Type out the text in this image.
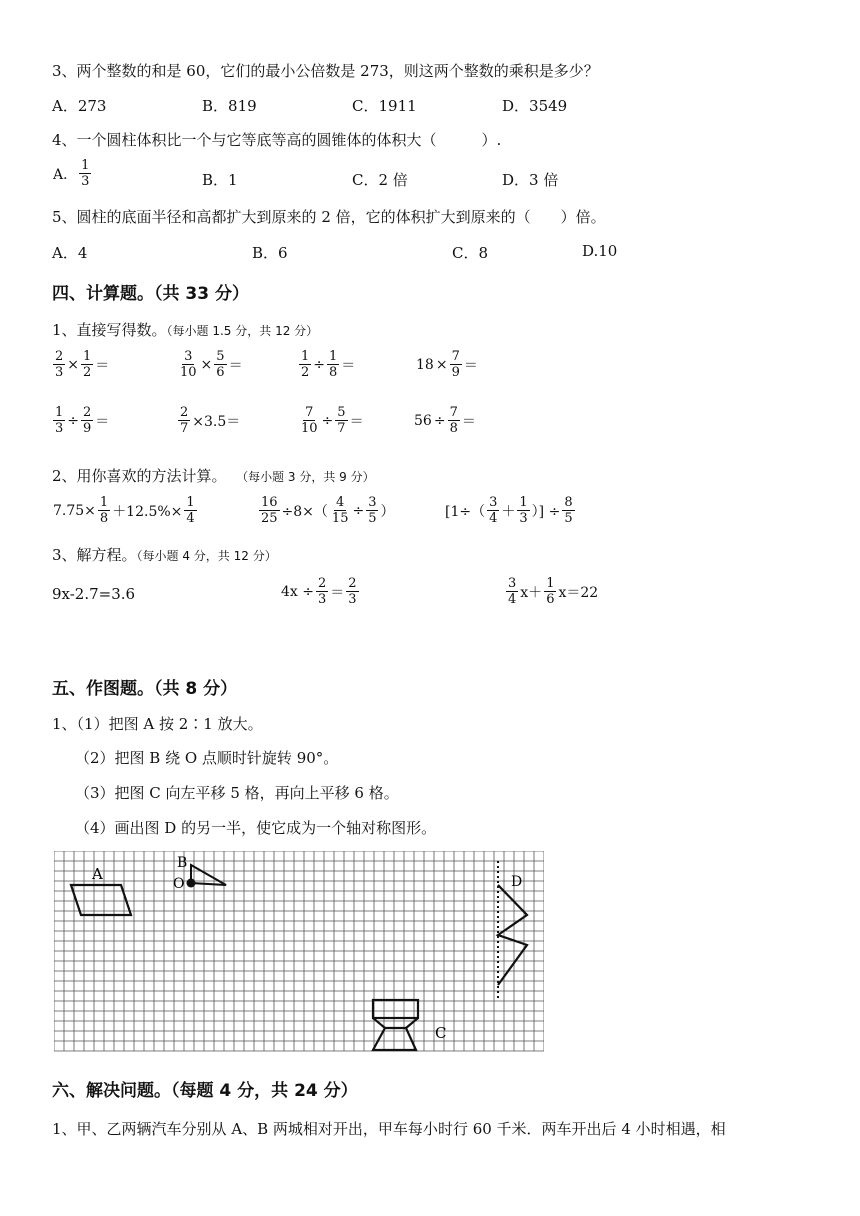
3、两个整数的和是 60，它们的最小公倍数是 273，则这两个整数的乘积是多少？
A．273	B．819	C．1911	D．3549
4、一个圆柱体积比一个与它等底等高的圆锥体的体积大（　　　）.
A． $\frac{1}{3}$	B．1	C．2 倍	D．3 倍
5、圆柱的底面半径和高都扩大到原来的 2 倍，它的体积扩大到原来的（　　）倍。
A．4	B．6	C．8	D.10
四、计算题。（共 33 分）
1、直接写得数。（每小题 1.5 分，共 12 分）
$\frac{2}{3} \times \frac{1}{2}$ ＝	$\frac{3}{10} \times \frac{5}{6}$ ＝	$\frac{1}{2} \div \frac{1}{8}$ ＝	$18 \times \frac{7}{9}$ ＝
$\frac{1}{3} \div \frac{2}{9}$ ＝	$\frac{2}{7} \times 3.5=$	$\frac{7}{10} \div \frac{5}{7}$ ＝	$56 \div \frac{7}{8}$ ＝
2、用你喜欢的方法计算。 （每小题 3 分，共 9 分）
$7.75\times \frac{1}{8} +12.5\%\times \frac{1}{4}$	$\frac{16}{25} \div 8\times( \frac{4}{15} \div \frac{3}{5}$ ）	[$1\div( \frac{3}{4} + \frac{1}{3}$ ）] ÷ $\frac{8}{5}$
3、解方程。（每小题 4 分，共 12 分）
9x-2.7=3.6	$4x \div \frac{2}{3} = \frac{2}{3}$	$\frac{3}{4} x+ \frac{1}{6} x=22$
五、作图题。（共 8 分）
1、（1）把图 A 按 2∶1 放大。
（2）把图 B 绕 O 点顺时针旋转 90°。
（3）把图 C 向左平移 5 格，再向上平移 6 格。
（4）画出图 D 的另一半，使它成为一个轴对称图形。
A
B
O
C
D
六、解决问题。（每题 4 分，共 24 分）
1、甲、乙两辆汽车分别从 A、B 两城相对开出，甲车每小时行 60 千米．两车开出后 4 小时相遇，相
